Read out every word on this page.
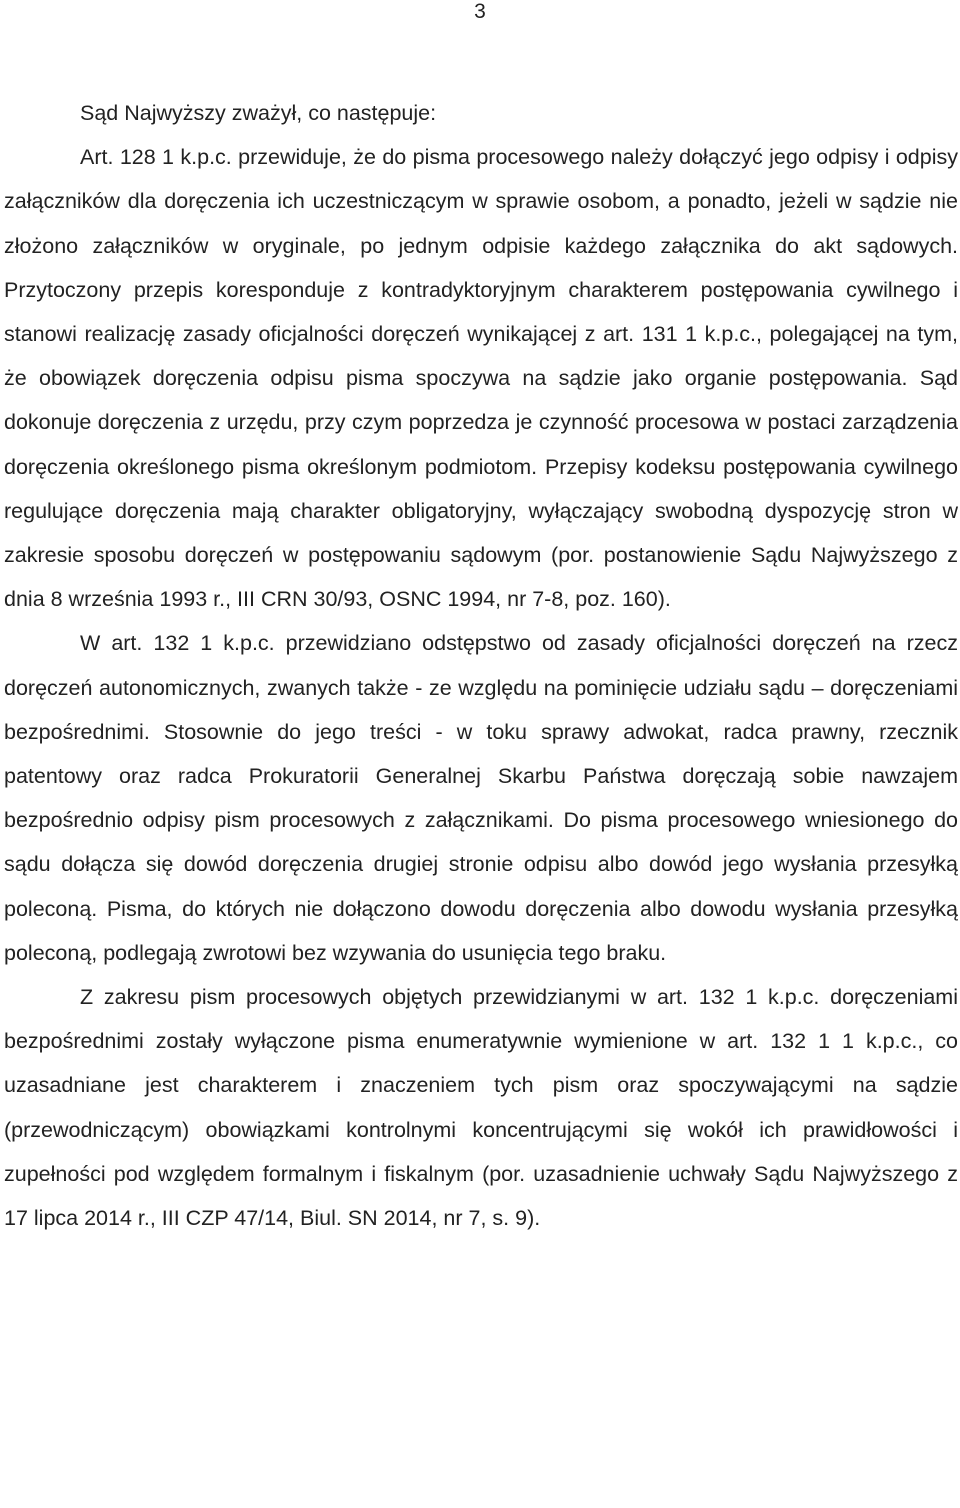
3

Sąd Najwyższy zważył, co następuje:

Art. 128 1 k.p.c. przewiduje, że do pisma procesowego należy dołączyć jego odpisy i odpisy załączników dla doręczenia ich uczestniczącym w sprawie osobom, a ponadto, jeżeli w sądzie nie złożono załączników w oryginale, po jednym odpisie każdego załącznika do akt sądowych. Przytoczony przepis koresponduje z kontradyktoryjnym charakterem postępowania cywilnego i stanowi realizację zasady oficjalności doręczeń wynikającej z art. 131 1 k.p.c., polegającej na tym, że obowiązek doręczenia odpisu pisma spoczywa na sądzie jako organie postępowania. Sąd dokonuje doręczenia z urzędu, przy czym poprzedza je czynność procesowa w postaci zarządzenia doręczenia określonego pisma określonym podmiotom. Przepisy kodeksu postępowania cywilnego regulujące doręczenia mają charakter obligatoryjny, wyłączający swobodną dyspozycję stron w zakresie sposobu doręczeń w postępowaniu sądowym (por. postanowienie Sądu Najwyższego z dnia 8 września 1993 r., III CRN 30/93, OSNC 1994, nr 7-8, poz. 160).

W art. 132 1 k.p.c. przewidziano odstępstwo od zasady oficjalności doręczeń na rzecz doręczeń autonomicznych, zwanych także - ze względu na pominięcie udziału sądu – doręczeniami bezpośrednimi. Stosownie do jego treści - w toku sprawy adwokat, radca prawny, rzecznik patentowy oraz radca Prokuratorii Generalnej Skarbu Państwa doręczają sobie nawzajem bezpośrednio odpisy pism procesowych z załącznikami. Do pisma procesowego wniesionego do sądu dołącza się dowód doręczenia drugiej stronie odpisu albo dowód jego wysłania przesyłką poleconą. Pisma, do których nie dołączono dowodu doręczenia albo dowodu wysłania przesyłką poleconą, podlegają zwrotowi bez wzywania do usunięcia tego braku.

Z zakresu pism procesowych objętych przewidzianymi w art. 132 1 k.p.c. doręczeniami bezpośrednimi zostały wyłączone pisma enumeratywnie wymienione w art. 132 1 1 k.p.c., co uzasadniane jest charakterem i znaczeniem tych pism oraz spoczywającymi na sądzie (przewodniczącym) obowiązkami kontrolnymi koncentrującymi się wokół ich prawidłowości i zupełności pod względem formalnym i fiskalnym (por. uzasadnienie uchwały Sądu Najwyższego z 17 lipca 2014 r., III CZP 47/14, Biul. SN 2014, nr 7, s. 9).
